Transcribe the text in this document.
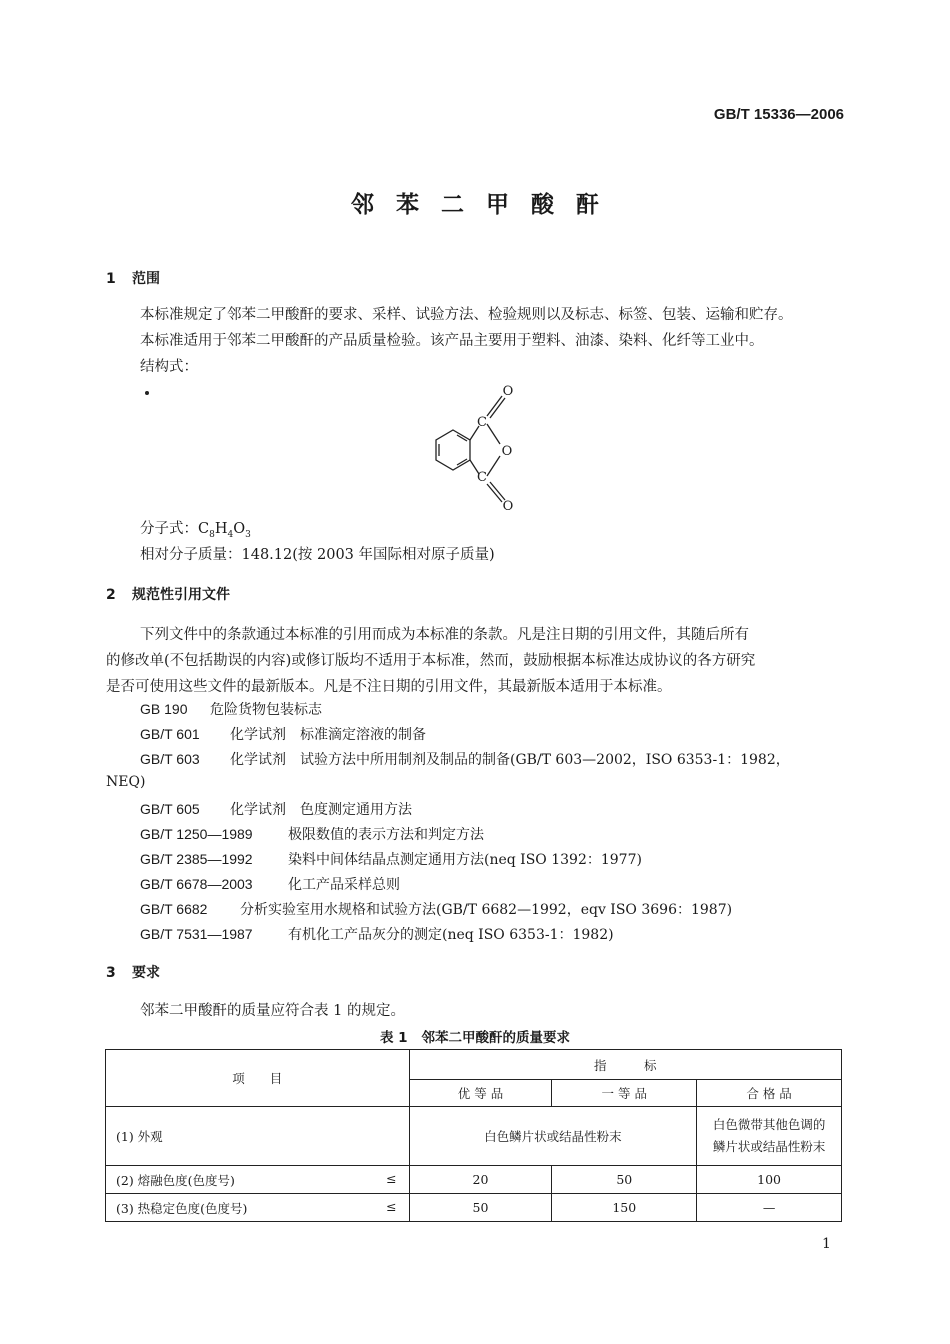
GB/T 15336—2006
邻苯二甲酸酐
1 范围
本标准规定了邻苯二甲酸酐的要求、采样、试验方法、检验规则以及标志、标签、包装、运输和贮存。
本标准适用于邻苯二甲酸酐的产品质量检验。该产品主要用于塑料、油漆、染料、化纤等工业中。
结构式：
O
C
O
C
O
分子式：$C_8H_4O_3$
相对分子质量：148.12(按 2003 年国际相对原子质量)
2 规范性引用文件
下列文件中的条款通过本标准的引用而成为本标准的条款。凡是注日期的引用文件，其随后所有
的修改单(不包括勘误的内容)或修订版均不适用于本标准，然而，鼓励根据本标准达成协议的各方研究
是否可使用这些文件的最新版本。凡是不注日期的引用文件，其最新版本适用于本标准。
GB 190 危险货物包装标志
GB/T 601 化学试剂　标准滴定溶液的制备
GB/T 603 化学试剂　试验方法中所用制剂及制品的制备(GB/T 603—2002，ISO 6353-1：1982，
NEQ)
GB/T 605 化学试剂　色度测定通用方法
GB/T 1250—1989	极限数值的表示方法和判定方法
GB/T 2385—1992	染料中间体结晶点测定通用方法(neq ISO 1392：1977)
GB/T 6678—2003	化工产品采样总则
GB/T 6682 分析实验室用水规格和试验方法(GB/T 6682—1992，eqv ISO 3696：1987)
GB/T 7531—1987	有机化工产品灰分的测定(neq ISO 6353-1：1982)
3 要求
邻苯二甲酸酐的质量应符合表 1 的规定。
表 1 邻苯二甲酸酐的质量要求
项　　目	指　　　标		
	优 等 品	一 等 品	合 格 品
(1) 外观	白色鳞片状或结晶性粉末		白色微带其他色调的
鳞片状或结晶性粉末

(2) 熔融色度(色度号) ≤	20	50	100
(3) 热稳定色度(色度号) ≤	50	150	—
1
